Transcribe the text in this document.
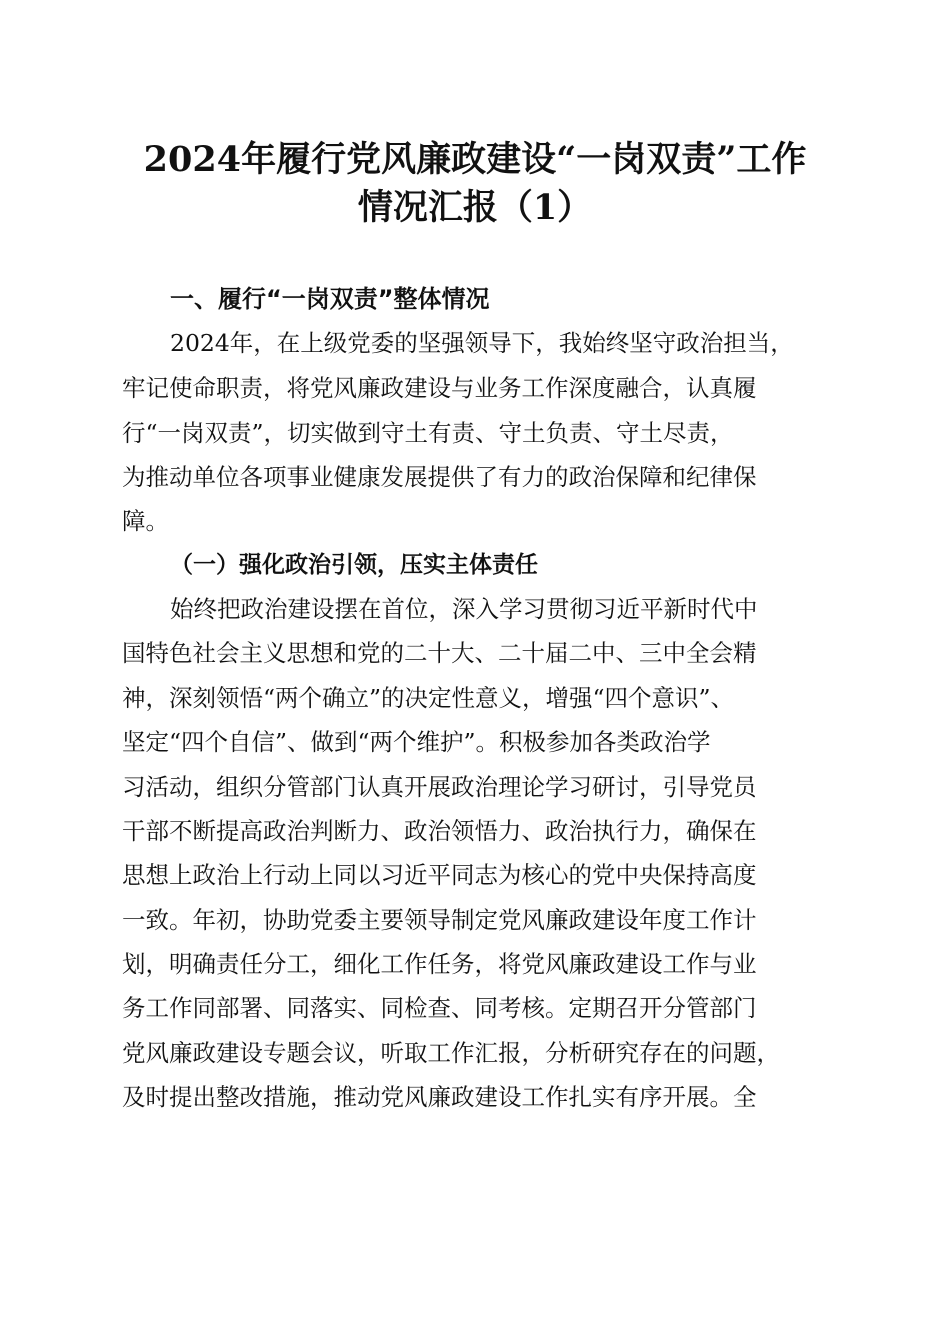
2024年履行党风廉政建设“一岗双责”工作
情况汇报（1）
一、履行“一岗双责”整体情况
2024年，在上级党委的坚强领导下，我始终坚守政治担当，
牢记使命职责，将党风廉政建设与业务工作深度融合，认真履
行“一岗双责”，切实做到守土有责、守土负责、守土尽责，
为推动单位各项事业健康发展提供了有力的政治保障和纪律保
障。
（一）强化政治引领，压实主体责任
始终把政治建设摆在首位，深入学习贯彻习近平新时代中
国特色社会主义思想和党的二十大、二十届二中、三中全会精
神，深刻领悟“两个确立”的决定性意义，增强“四个意识”、
坚定“四个自信”、做到“两个维护”。积极参加各类政治学
习活动，组织分管部门认真开展政治理论学习研讨，引导党员
干部不断提高政治判断力、政治领悟力、政治执行力，确保在
思想上政治上行动上同以习近平同志为核心的党中央保持高度
一致。年初，协助党委主要领导制定党风廉政建设年度工作计
划，明确责任分工，细化工作任务，将党风廉政建设工作与业
务工作同部署、同落实、同检查、同考核。定期召开分管部门
党风廉政建设专题会议，听取工作汇报，分析研究存在的问题，
及时提出整改措施，推动党风廉政建设工作扎实有序开展。全
